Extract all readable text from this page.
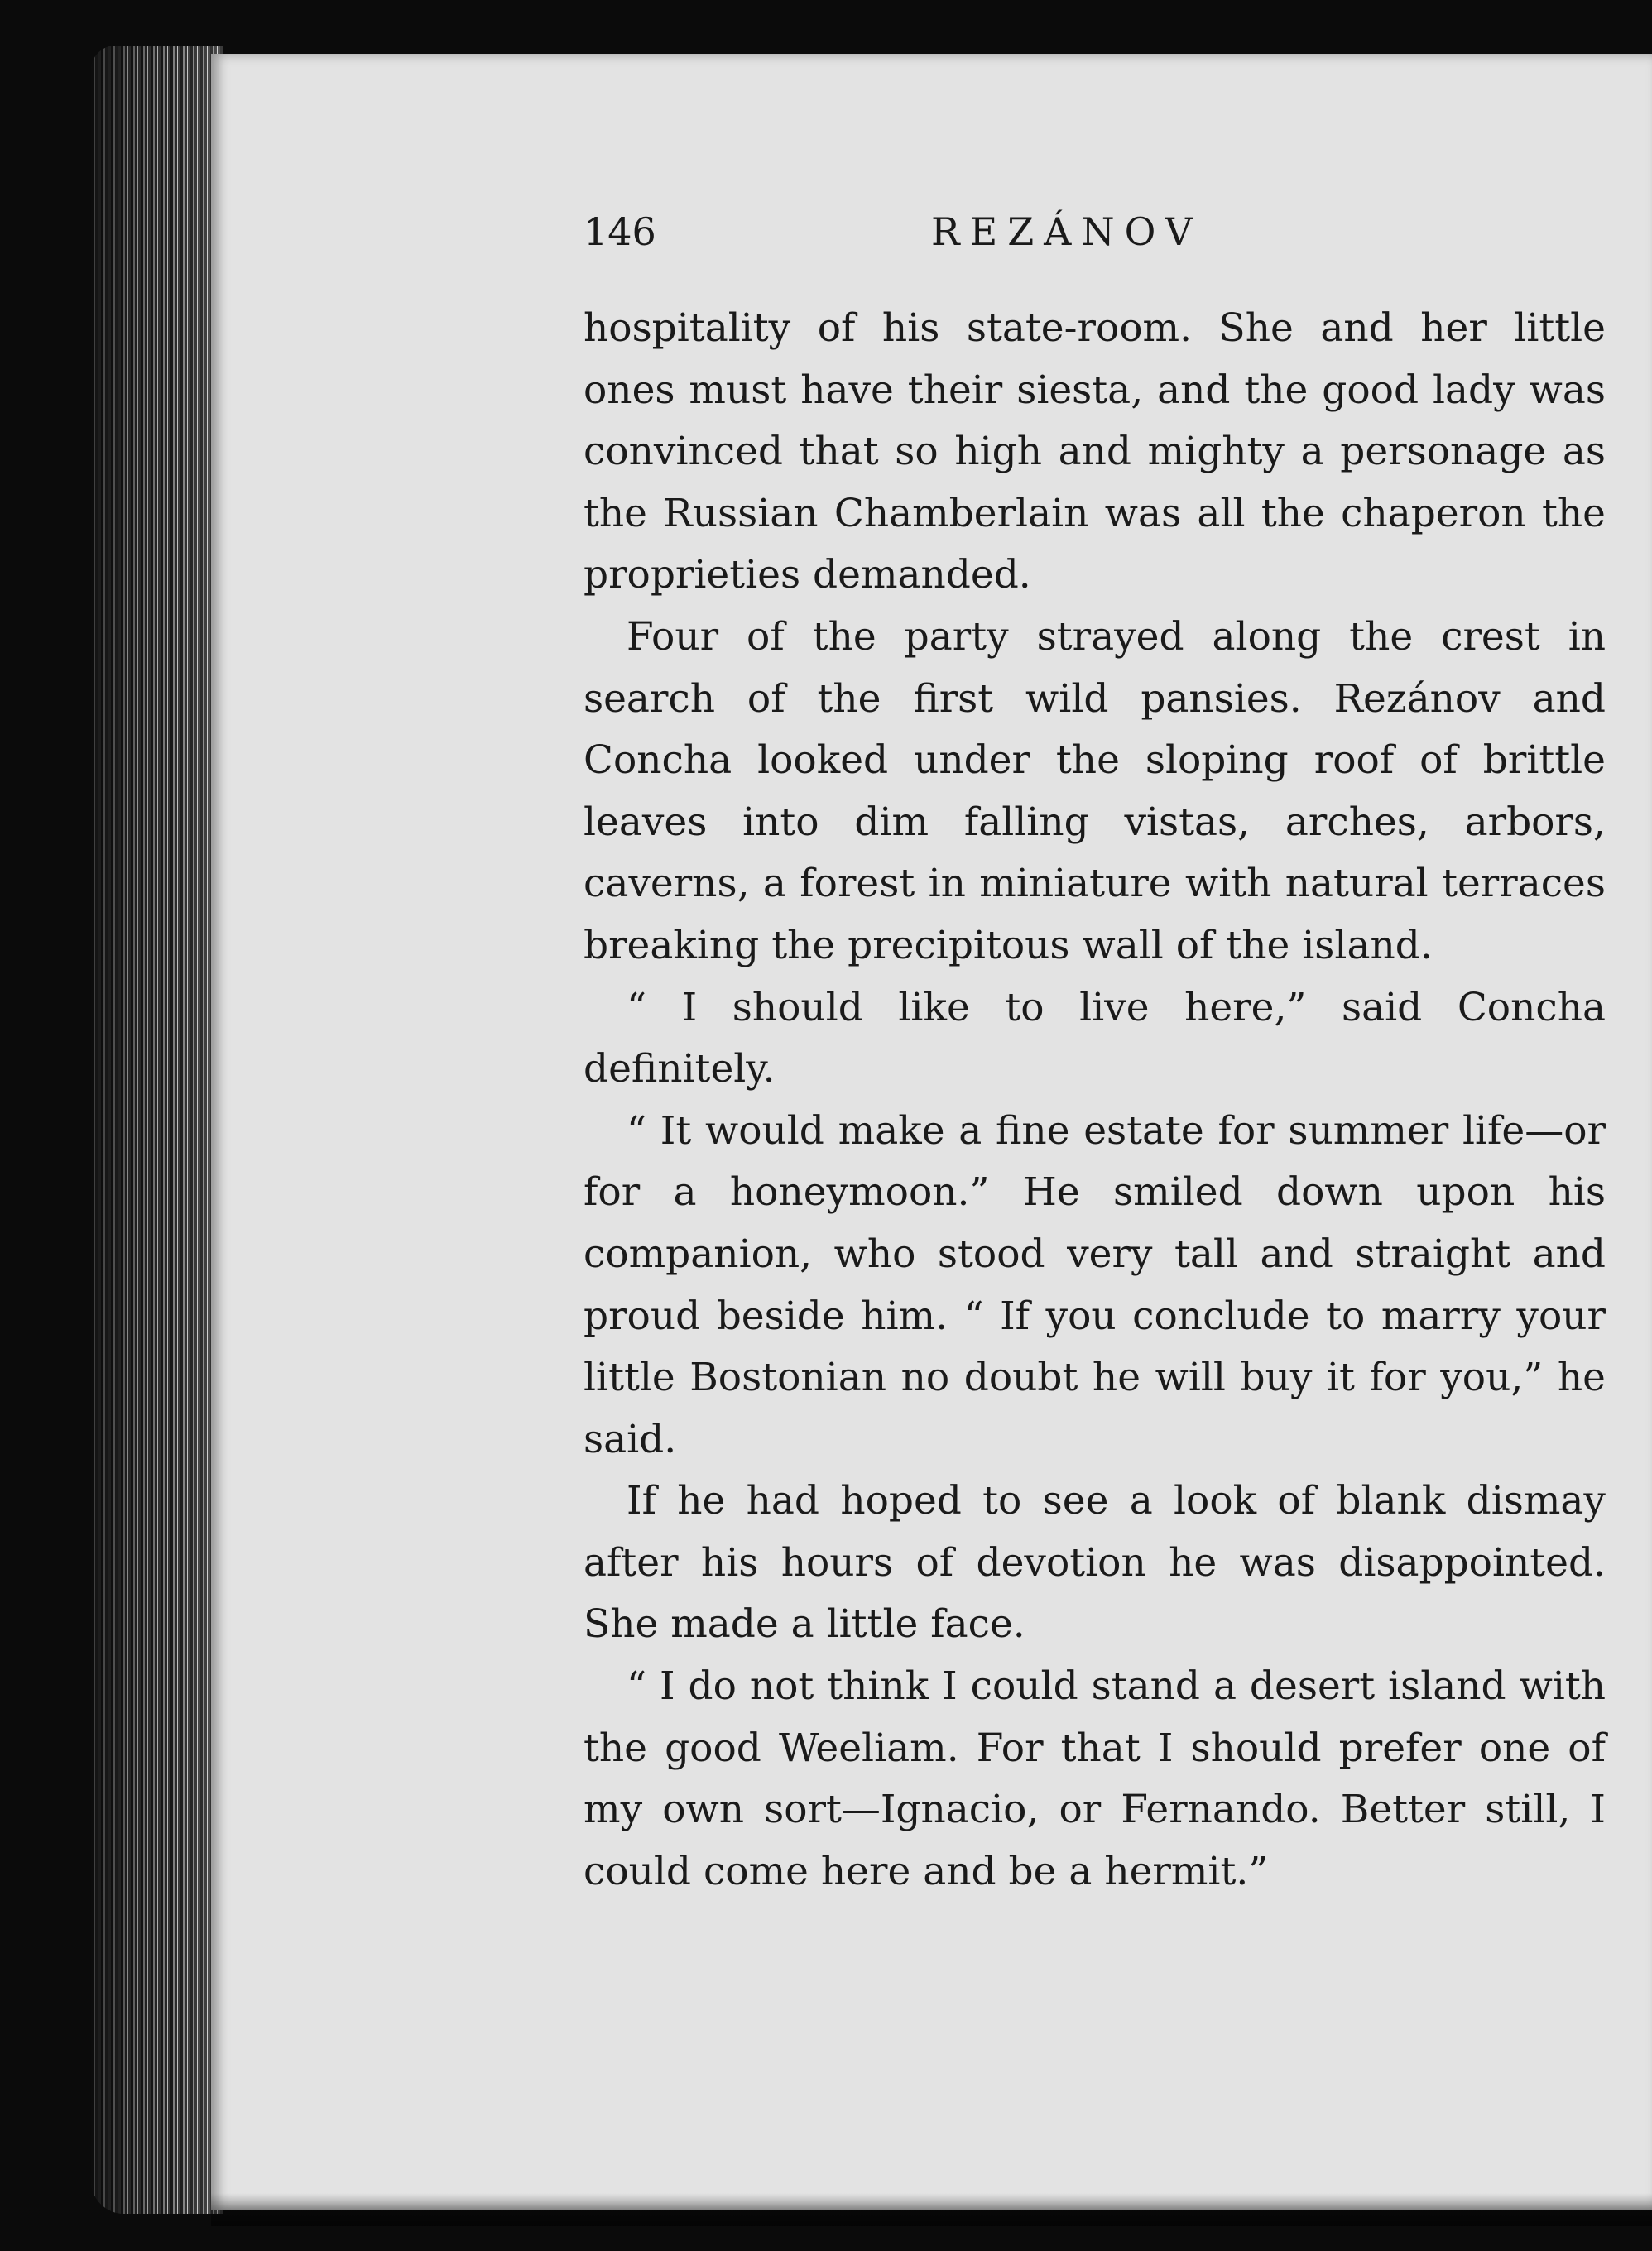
146	REZÁNOV

hospitality of his state-room. She and her little ones must have their siesta, and the good lady was convinced that so high and mighty a personage as the Russian Chamberlain was all the chaperon the proprieties demanded.

Four of the party strayed along the crest in search of the first wild pansies. Rezánov and Concha looked under the sloping roof of brittle leaves into dim falling vistas, arches, arbors, caverns, a forest in miniature with natural terraces breaking the precipitous wall of the island.

“ I should like to live here,” said Concha definitely.

“ It would make a fine estate for summer life—or for a honeymoon.” He smiled down upon his companion, who stood very tall and straight and proud beside him. “ If you conclude to marry your little Bostonian no doubt he will buy it for you,” he said.

If he had hoped to see a look of blank dismay after his hours of devotion he was disappointed. She made a little face.

“ I do not think I could stand a desert island with the good Weeliam. For that I should prefer one of my own sort—Ignacio, or Fernando. Better still, I could come here and be a hermit.”
